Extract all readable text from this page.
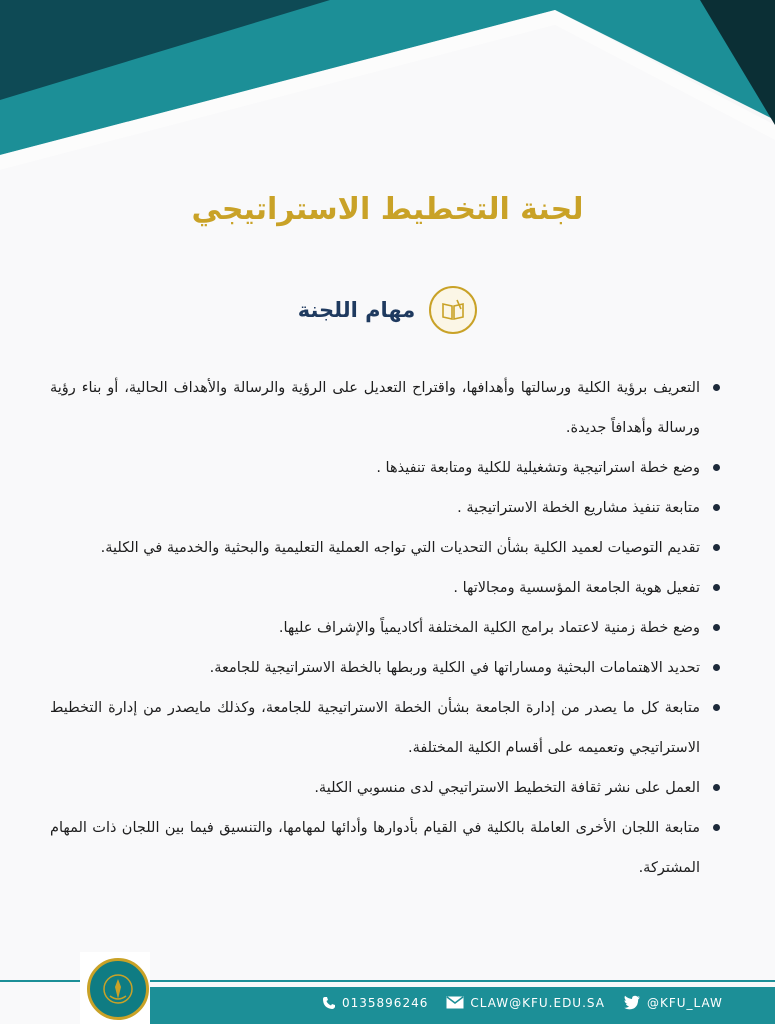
لجنة التخطيط الاستراتيجي
مهام اللجنة
التعريف برؤية الكلية ورسالتها وأهدافها، واقتراح التعديل على الرؤية والرسالة والأهداف الحالية، أو بناء رؤية ورسالة وأهدافاً جديدة.
وضع خطة استراتيجية وتشغيلية للكلية ومتابعة تنفيذها .
متابعة تنفيذ مشاريع الخطة الاستراتيجية .
تقديم التوصيات لعميد الكلية بشأن التحديات التي تواجه العملية التعليمية والبحثية والخدمية في الكلية.
تفعيل هوية الجامعة المؤسسية ومجالاتها .
وضع خطة زمنية لاعتماد برامج الكلية المختلفة أكاديمياً والإشراف عليها.
تحديد الاهتمامات البحثية ومساراتها في الكلية وربطها بالخطة الاستراتيجية للجامعة.
متابعة كل ما يصدر من إدارة الجامعة بشأن الخطة الاستراتيجية للجامعة، وكذلك مايصدر من إدارة التخطيط الاستراتيجي وتعميمه على أقسام الكلية المختلفة.
العمل على نشر ثقافة التخطيط الاستراتيجي لدى منسوبي الكلية.
متابعة اللجان الأخرى العاملة بالكلية في القيام بأدوارها وأدائها لمهامها، والتنسيق فيما بين اللجان ذات المهام المشتركة.
0135896246	CLAW@KFU.EDU.SA	@KFU_LAW
